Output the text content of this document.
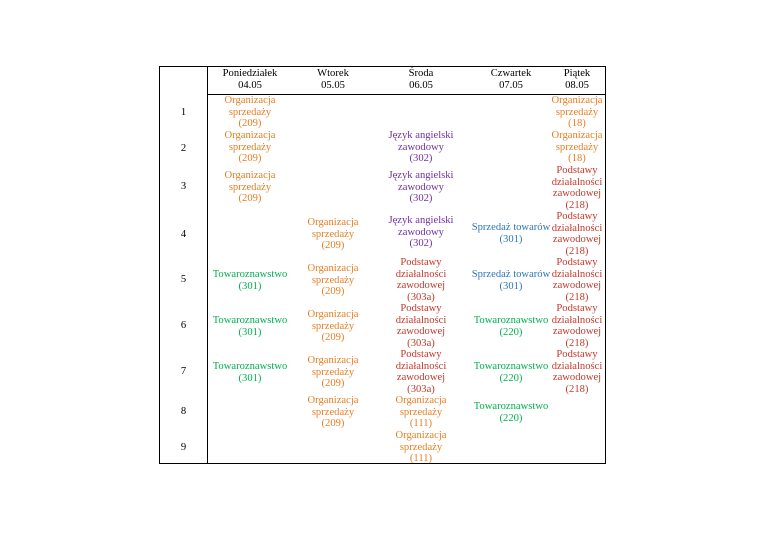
Poniedziałek
04.05
Wtorek
05.05
Środa
06.05
Czwartek
07.05
Piątek
08.05
1
2
3
4
5
6
7
8
9
Organizacja
sprzedaży
(209)
Organizacja
sprzedaży
(209)
Organizacja
sprzedaży
(209)
Towaroznawstwo
(301)
Towaroznawstwo
(301)
Towaroznawstwo
(301)
Organizacja
sprzedaży
(209)
Organizacja
sprzedaży
(209)
Organizacja
sprzedaży
(209)
Organizacja
sprzedaży
(209)
Organizacja
sprzedaży
(209)
Język angielski
zawodowy
(302)
Język angielski
zawodowy
(302)
Język angielski
zawodowy
(302)
Podstawy
działalności
zawodowej
(303a)
Podstawy
działalności
zawodowej
(303a)
Podstawy
działalności
zawodowej
(303a)
Organizacja
sprzedaży
(111)
Organizacja
sprzedaży
(111)
Sprzedaż towarów
(301)
Sprzedaż towarów
(301)
Towaroznawstwo
(220)
Towaroznawstwo
(220)
Towaroznawstwo
(220)
Organizacja
sprzedaży
(18)
Organizacja
sprzedaży
(18)
Podstawy
działalności
zawodowej
(218)
Podstawy
działalności
zawodowej
(218)
Podstawy
działalności
zawodowej
(218)
Podstawy
działalności
zawodowej
(218)
Podstawy
działalności
zawodowej
(218)
